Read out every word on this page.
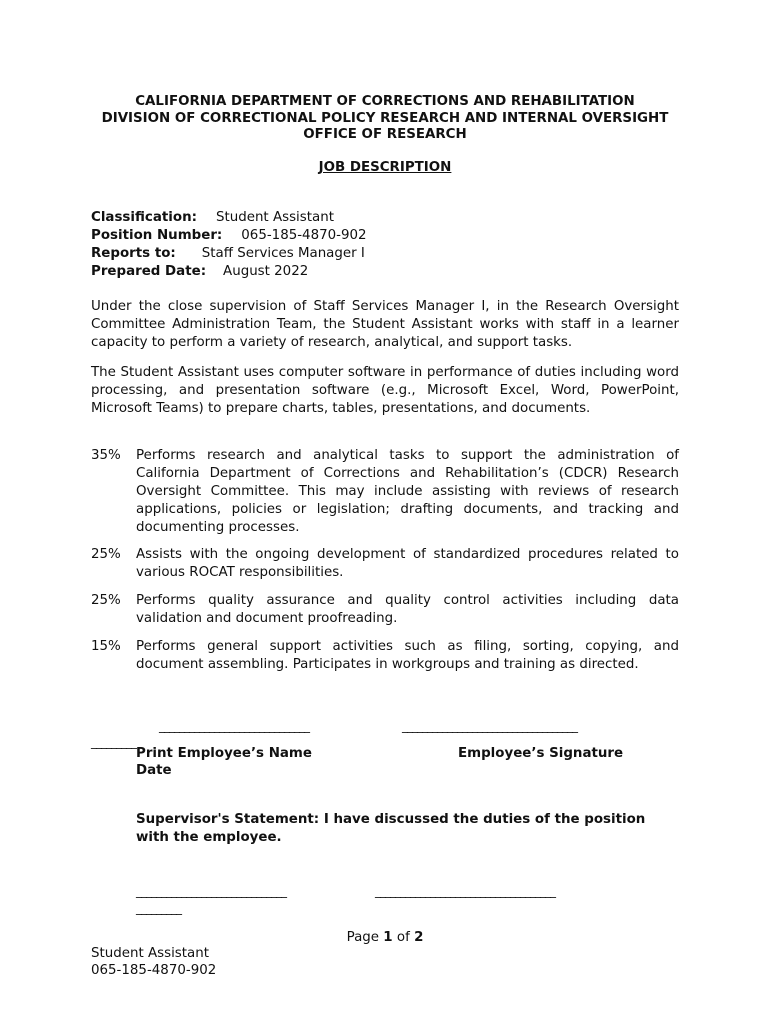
CALIFORNIA DEPARTMENT OF CORRECTIONS AND REHABILITATION
DIVISION OF CORRECTIONAL POLICY RESEARCH AND INTERNAL OVERSIGHT
OFFICE OF RESEARCH
JOB DESCRIPTION
Classification: Student Assistant
Position Number: 065-185-4870-902
Reports to: Staff Services Manager I
Prepared Date: August 2022
Under the close supervision of Staff Services Manager I, in the Research Oversight Committee Administration Team, the Student Assistant works with staff in a learner capacity to perform a variety of research, analytical, and support tasks.
The Student Assistant uses computer software in performance of duties including word processing, and presentation software (e.g., Microsoft Excel, Word, PowerPoint, Microsoft Teams) to prepare charts, tables, presentations, and documents.
35% Performs research and analytical tasks to support the administration of California Department of Corrections and Rehabilitation’s (CDCR) Research Oversight Committee. This may include assisting with reviews of research applications, policies or legislation; drafting documents, and tracking and documenting processes.
25% Assists with the ongoing development of standardized procedures related to various ROCAT responsibilities.
25% Performs quality assurance and quality control activities including data validation and document proofreading.
15% Performs general support activities such as filing, sorting, copying, and document assembling. Participates in workgroups and training as directed.
______________________________	___________________________________
_________
Print Employee’s Name	Employee’s Signature
Date
Supervisor's Statement: I have discussed the duties of the position with the employee.
______________________________	____________________________________
_________
Page 1 of 2
Student Assistant
065-185-4870-902
